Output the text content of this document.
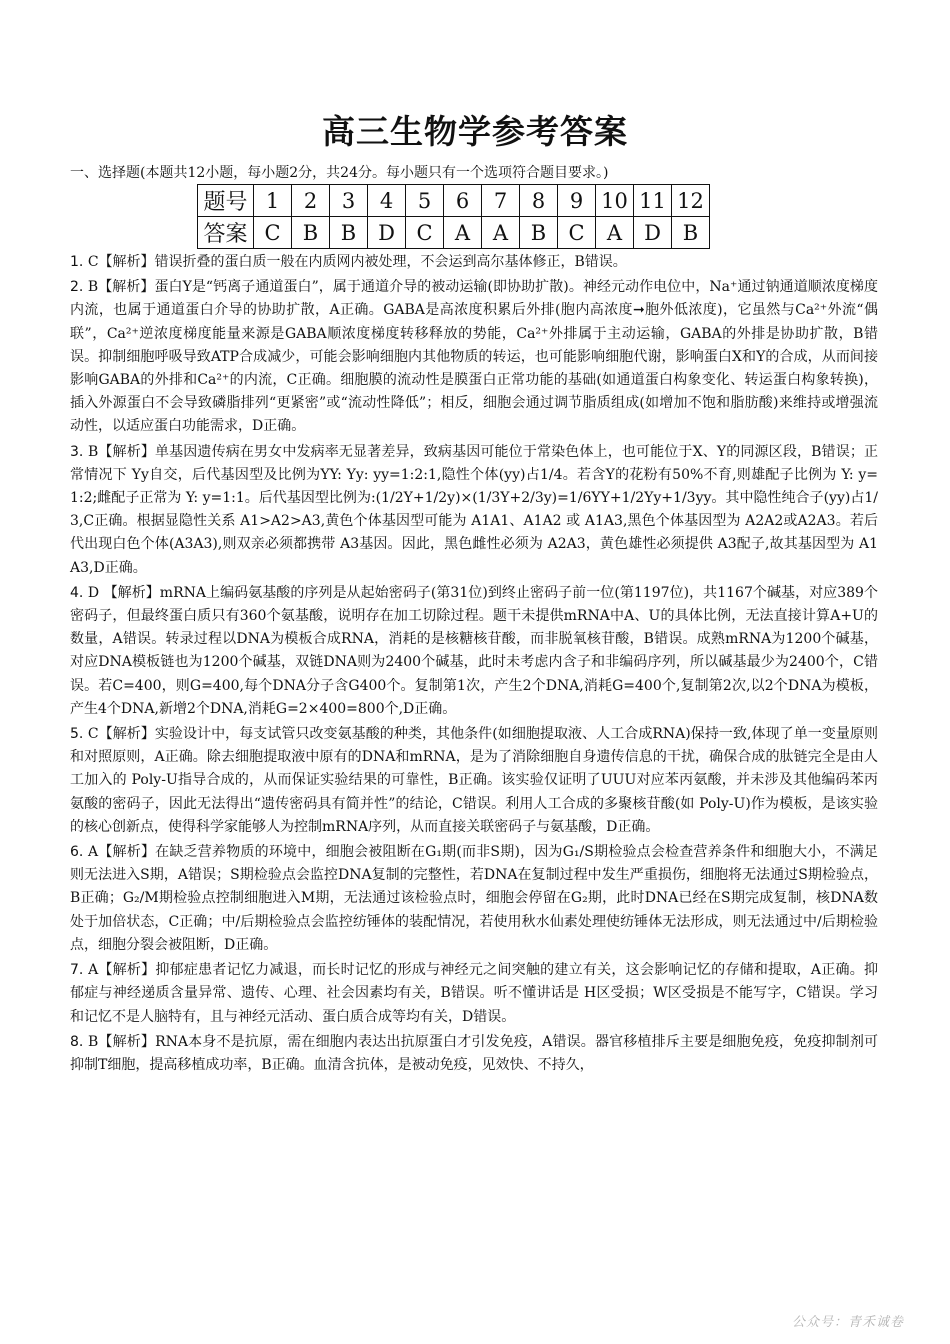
高三生物学参考答案
一、选择题(本题共12小题，每小题2分，共24分。每小题只有一个选项符合题目要求。)
题号	1	2	3	4	5	6	7	8	9	10	11	12
答案	C	B	B	D	C	A	A	B	C	A	D	B

1. C【解析】错误折叠的蛋白质一般在内质网内被处理，不会运到高尔基体修正，B错误。

2. B【解析】蛋白Y是“钙离子通道蛋白”，属于通道介导的被动运输(即协助扩散)。神经元动作电位中，Na⁺通过钠通道顺浓度梯度内流，也属于通道蛋白介导的协助扩散，A正确。GABA是高浓度积累后外排(胞内高浓度➞胞外低浓度)，它虽然与Ca²⁺外流“偶联”，Ca²⁺逆浓度梯度能量来源是GABA顺浓度梯度转移释放的势能，Ca²⁺外排属于主动运输，GABA的外排是协助扩散，B错误。抑制细胞呼吸导致ATP合成减少，可能会影响细胞内其他物质的转运，也可能影响细胞代谢，影响蛋白X和Y的合成，从而间接影响GABA的外排和Ca²⁺的内流，C正确。细胞膜的流动性是膜蛋白正常功能的基础(如通道蛋白构象变化、转运蛋白构象转换)，插入外源蛋白不会导致磷脂排列“更紧密”或“流动性降低”；相反，细胞会通过调节脂质组成(如增加不饱和脂肪酸)来维持或增强流动性，以适应蛋白功能需求，D正确。

3. B【解析】单基因遗传病在男女中发病率无显著差异，致病基因可能位于常染色体上，也可能位于X、Y的同源区段，B错误；正常情况下 Yy自交，后代基因型及比例为YY: Yy: yy=1:2:1,隐性个体(yy)占1/4。若含Y的花粉有50%不育,则雄配子比例为 Y: y=1:2;雌配子正常为 Y: y=1:1。后代基因型比例为:(1/2Y+1/2y)×(1/3Y+2/3y)=1/6YY+1/2Yy+1/3yy。其中隐性纯合子(yy)占1/3,C正确。根据显隐性关系 A1>A2>A3,黄色个体基因型可能为 A1A1、A1A2 或 A1A3,黑色个体基因型为 A2A2或A2A3。若后代出现白色个体(A3A3),则双亲必须都携带 A3基因。因此，黑色雌性必须为 A2A3，黄色雄性必须提供 A3配子,故其基因型为 A1A3,D正确。

4. D 【解析】mRNA上编码氨基酸的序列是从起始密码子(第31位)到终止密码子前一位(第1197位)，共1167个碱基，对应389个密码子，但最终蛋白质只有360个氨基酸，说明存在加工切除过程。题干未提供mRNA中A、U的具体比例，无法直接计算A+U的数量，A错误。转录过程以DNA为模板合成RNA，消耗的是核糖核苷酸，而非脱氧核苷酸，B错误。成熟mRNA为1200个碱基，对应DNA模板链也为1200个碱基，双链DNA则为2400个碱基，此时未考虑内含子和非编码序列，所以碱基最少为2400个，C错误。若C=400，则G=400,每个DNA分子含G400个。复制第1次，产生2个DNA,消耗G=400个,复制第2次,以2个DNA为模板，产生4个DNA,新增2个DNA,消耗G=2×400=800个,D正确。

5. C【解析】实验设计中，每支试管只改变氨基酸的种类，其他条件(如细胞提取液、人工合成RNA)保持一致,体现了单一变量原则和对照原则，A正确。除去细胞提取液中原有的DNA和mRNA，是为了消除细胞自身遗传信息的干扰，确保合成的肽链完全是由人工加入的 Poly-U指导合成的，从而保证实验结果的可靠性，B正确。该实验仅证明了UUU对应苯丙氨酸，并未涉及其他编码苯丙氨酸的密码子，因此无法得出“遗传密码具有简并性”的结论，C错误。利用人工合成的多聚核苷酸(如 Poly-U)作为模板，是该实验的核心创新点，使得科学家能够人为控制mRNA序列，从而直接关联密码子与氨基酸，D正确。

6. A【解析】在缺乏营养物质的环境中，细胞会被阻断在G₁期(而非S期)，因为G₁/S期检验点会检查营养条件和细胞大小，不满足则无法进入S期，A错误；S期检验点会监控DNA复制的完整性，若DNA在复制过程中发生严重损伤，细胞将无法通过S期检验点，B正确；G₂/M期检验点控制细胞进入M期，无法通过该检验点时，细胞会停留在G₂期，此时DNA已经在S期完成复制，核DNA数处于加倍状态，C正确；中/后期检验点会监控纺锤体的装配情况，若使用秋水仙素处理使纺锤体无法形成，则无法通过中/后期检验点，细胞分裂会被阻断，D正确。

7. A【解析】抑郁症患者记忆力减退，而长时记忆的形成与神经元之间突触的建立有关，这会影响记忆的存储和提取，A正确。抑郁症与神经递质含量异常、遗传、心理、社会因素均有关，B错误。听不懂讲话是 H区受损；W区受损是不能写字，C错误。学习和记忆不是人脑特有，且与神经元活动、蛋白质合成等均有关，D错误。

8. B【解析】RNA本身不是抗原，需在细胞内表达出抗原蛋白才引发免疫，A错误。器官移植排斥主要是细胞免疫，免疫抑制剂可抑制T细胞，提高移植成功率，B正确。血清含抗体，是被动免疫，见效快、不持久，

公众号：青禾诚卷
